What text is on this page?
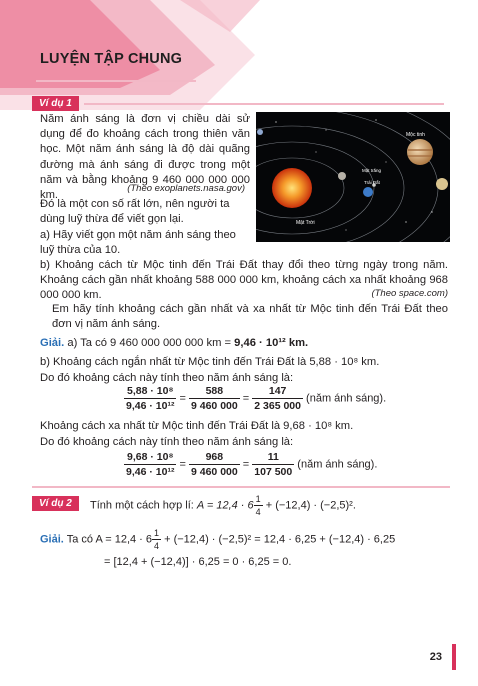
LUYỆN TẬP CHUNG
Ví dụ 1
Năm ánh sáng là đơn vị chiều dài sử dụng để đo khoảng cách trong thiên văn học. Một năm ánh sáng là độ dài quãng đường mà ánh sáng đi được trong một năm và bằng khoảng 9 460 000 000 000 km.
(Theo exoplanets.nasa.gov)
Đó là một con số rất lớn, nên người ta dùng luỹ thừa để viết gọn lại.
a) Hãy viết gọn một năm ánh sáng theo luỹ thừa của 10.
Mộc tinh
Mặt Trời
Trái Đất
Mặt trăng
b) Khoảng cách từ Mộc tinh đến Trái Đất thay đổi theo từng ngày trong năm. Khoảng cách gần nhất khoảng 588 000 000 km, khoảng cách xa nhất khoảng 968 000 000 km.	(Theo space.com)
Em hãy tính khoảng cách gần nhất và xa nhất từ Mộc tinh đến Trái Đất theo đơn vị năm ánh sáng.
Giải. a) Ta có 9 460 000 000 000 km = 9,46 · 10¹² km.
b) Khoảng cách ngắn nhất từ Mộc tinh đến Trái Đất là 5,88 · 10⁸ km.
Do đó khoảng cách này tính theo năm ánh sáng là:
$\frac{\text{5,88 · 10⁸}}{\text{9,46 · 10¹²}} = \frac{588}{9 460 000} = \frac{147}{2 365 000}$ (năm ánh sáng).
Khoảng cách xa nhất từ Mộc tinh đến Trái Đất là 9,68 · 10⁸ km.
Do đó khoảng cách này tính theo năm ánh sáng là:
$\frac{\text{9,68 · 10⁸}}{\text{9,46 · 10¹²}} = \frac{968}{9 460 000} = \frac{11}{107 500}$ (năm ánh sáng).
Ví dụ 2	Tính một cách hợp lí: $A = 12,4 \cdot 6 \frac{1}{4} + (-12,4) \cdot (-2,5)^2$.
Giải. Ta có $A = 12,4 \cdot 6 \frac{1}{4} + (-12,4) \cdot (-2,5)^2 = 12,4 \cdot 6,25 + (-12,4) \cdot 6,25$
= [12,4 + (−12,4)] · 6,25 = 0 · 6,25 = 0.
23
